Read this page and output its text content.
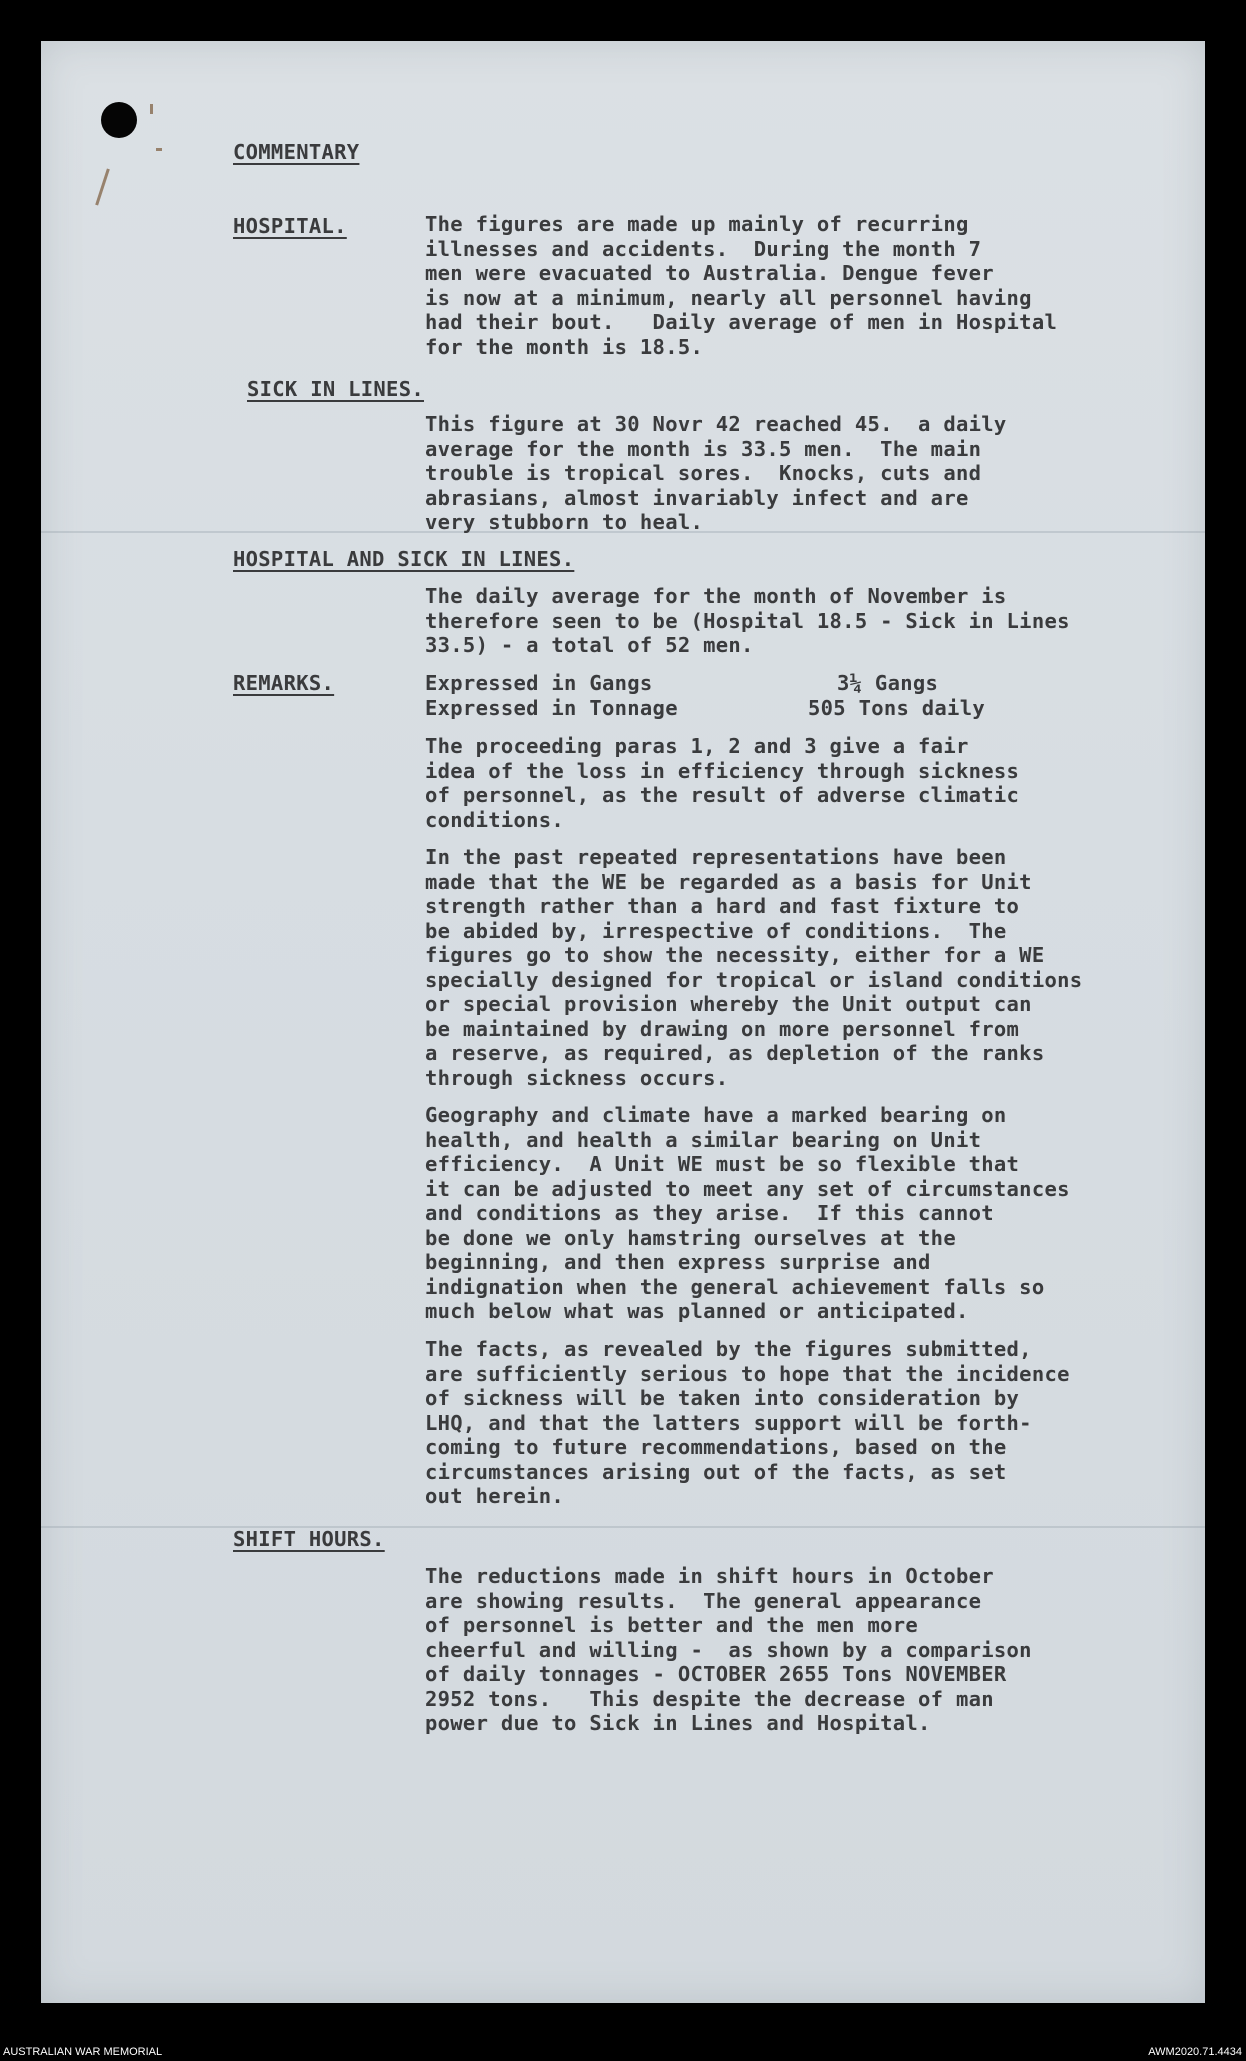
COMMENTARY
HOSPITAL.	The figures are made up mainly of recurring
illnesses and accidents.  During the month 7
men were evacuated to Australia. Dengue fever
is now at a minimum, nearly all personnel having
had their bout.   Daily average of men in Hospital
for the month is 18.5.
SICK IN LINES.
This figure at 30 Novr 42 reached 45.  a daily
average for the month is 33.5 men.  The main
trouble is tropical sores.  Knocks, cuts and
abrasians, almost invariably infect and are
very stubborn to heal.
HOSPITAL AND SICK IN LINES.
The daily average for the month of November is
therefore seen to be (Hospital 18.5 - Sick in Lines
33.5) - a total of 52 men.
REMARKS.	Expressed in Gangs	3¼ Gangs
Expressed in Tonnage	505 Tons daily
The proceeding paras 1, 2 and 3 give a fair
idea of the loss in efficiency through sickness
of personnel, as the result of adverse climatic
conditions.
In the past repeated representations have been
made that the WE be regarded as a basis for Unit
strength rather than a hard and fast fixture to
be abided by, irrespective of conditions.  The
figures go to show the necessity, either for a WE
specially designed for tropical or island conditions
or special provision whereby the Unit output can
be maintained by drawing on more personnel from
a reserve, as required, as depletion of the ranks
through sickness occurs.
Geography and climate have a marked bearing on
health, and health a similar bearing on Unit
efficiency.  A Unit WE must be so flexible that
it can be adjusted to meet any set of circumstances
and conditions as they arise.  If this cannot
be done we only hamstring ourselves at the
beginning, and then express surprise and
indignation when the general achievement falls so
much below what was planned or anticipated.
The facts, as revealed by the figures submitted,
are sufficiently serious to hope that the incidence
of sickness will be taken into consideration by
LHQ, and that the latters support will be forth-
coming to future recommendations, based on the
circumstances arising out of the facts, as set
out herein.
SHIFT HOURS.
The reductions made in shift hours in October
are showing results.  The general appearance
of personnel is better and the men more
cheerful and willing -  as shown by a comparison
of daily tonnages - OCTOBER 2655 Tons NOVEMBER
2952 tons.   This despite the decrease of man
power due to Sick in Lines and Hospital.
AUSTRALIAN WAR MEMORIAL	AWM2020.71.4434
